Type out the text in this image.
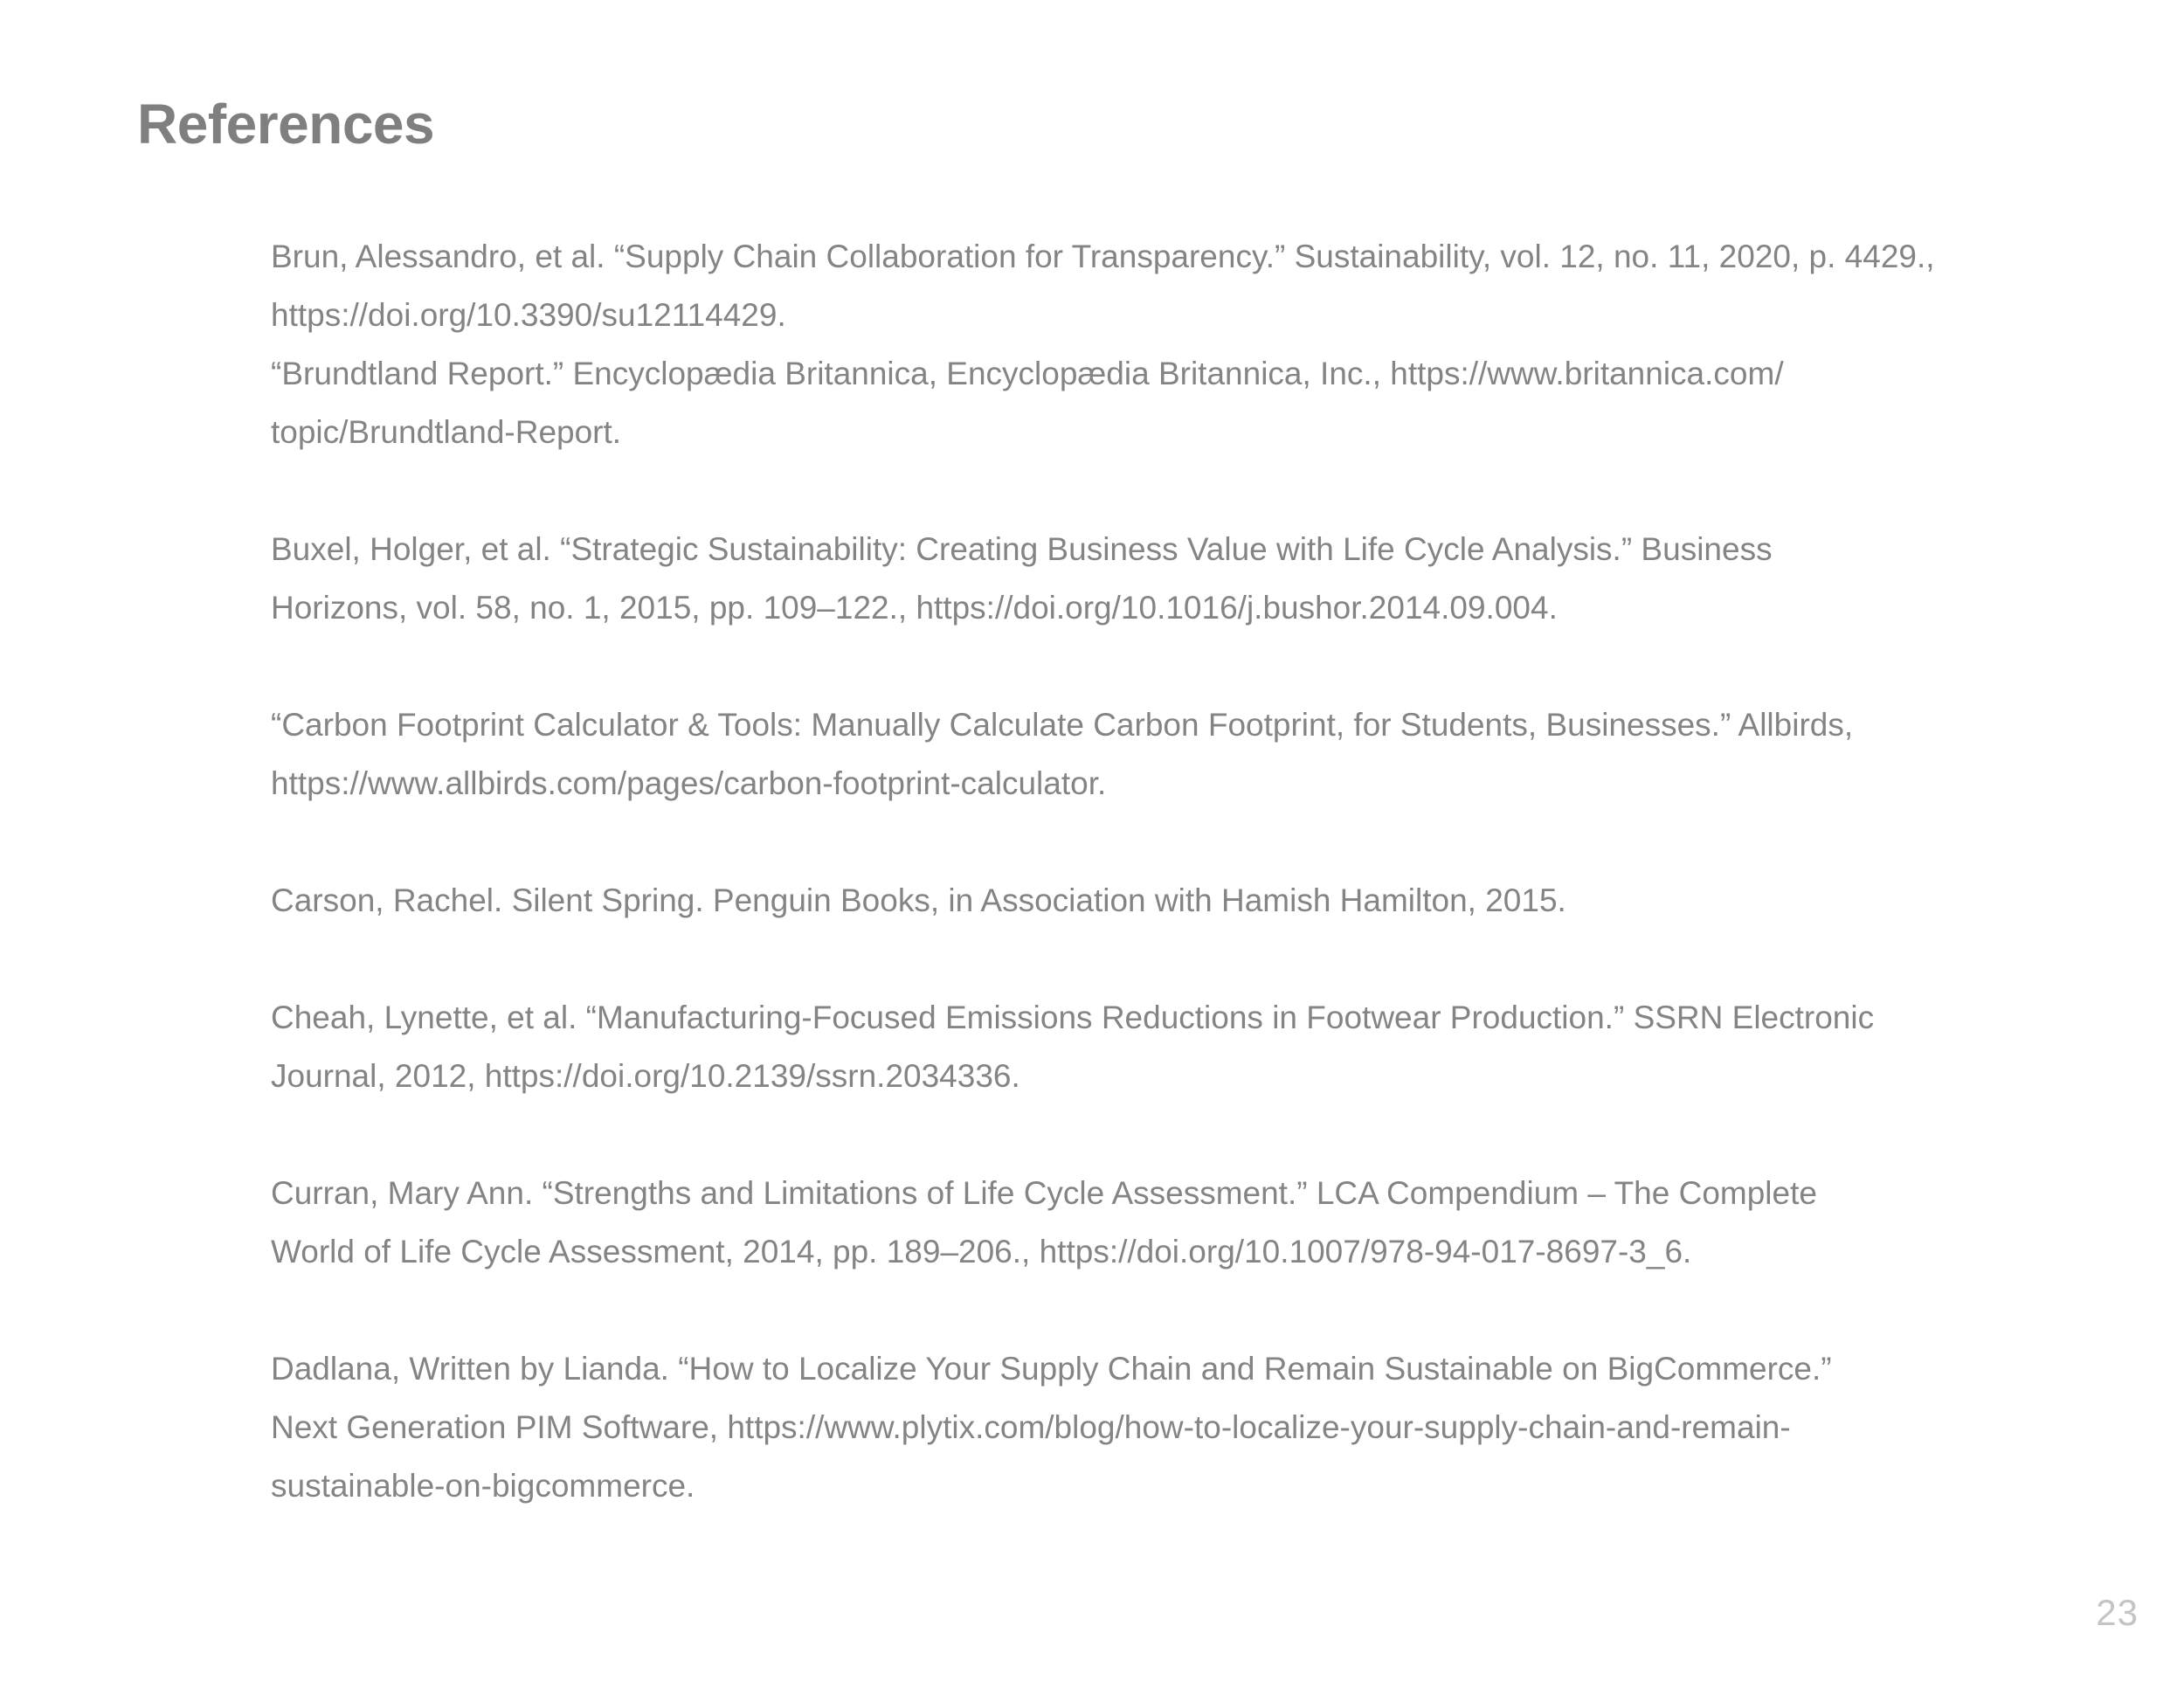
References

Brun, Alessandro, et al. “Supply Chain Collaboration for Transparency.” Sustainability, vol. 12, no. 11, 2020, p. 4429.,
https://doi.org/10.3390/su12114429.

“Brundtland Report.” Encyclopædia Britannica, Encyclopædia Britannica, Inc., https://www.britannica.com/
topic/Brundtland-Report.

Buxel, Holger, et al. “Strategic Sustainability: Creating Business Value with Life Cycle Analysis.” Business
Horizons, vol. 58, no. 1, 2015, pp. 109–122., https://doi.org/10.1016/j.bushor.2014.09.004.

“Carbon Footprint Calculator & Tools: Manually Calculate Carbon Footprint, for Students, Businesses.” Allbirds,
https://www.allbirds.com/pages/carbon-footprint-calculator.

Carson, Rachel. Silent Spring. Penguin Books, in Association with Hamish Hamilton, 2015.

Cheah, Lynette, et al. “Manufacturing-Focused Emissions Reductions in Footwear Production.” SSRN Electronic
Journal, 2012, https://doi.org/10.2139/ssrn.2034336.

Curran, Mary Ann. “Strengths and Limitations of Life Cycle Assessment.” LCA Compendium – The Complete
World of Life Cycle Assessment, 2014, pp. 189–206., https://doi.org/10.1007/978-94-017-8697-3_6.

Dadlana, Written by Lianda. “How to Localize Your Supply Chain and Remain Sustainable on BigCommerce.”
Next Generation PIM Software, https://www.plytix.com/blog/how-to-localize-your-supply-chain-and-remain-
sustainable-on-bigcommerce.

23
